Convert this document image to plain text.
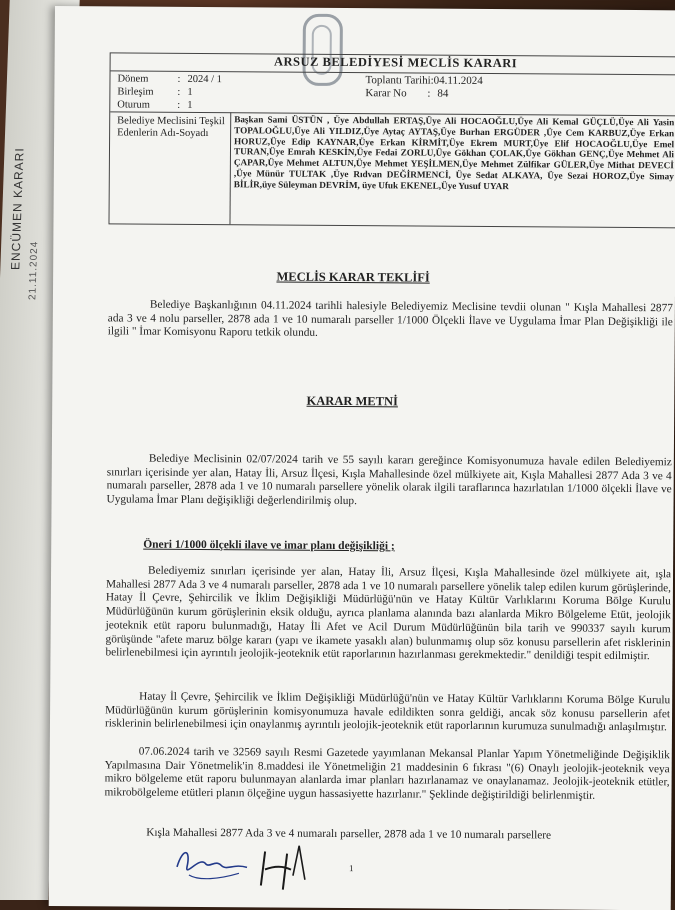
ENCÜMEN KARARI
21.11.2024
ARSUZ BELEDİYESİ MECLİS KARARI
Dönem	: 2024 / 1
Birleşim : 1
Oturum	: 1
Toplantı Tarihi:04.11.2024
Karar No : 84
Belediye Meclisini Teşkil Edenlerin Adı-Soyadı
Başkan Sami ÜSTÜN , Üye Abdullah ERTAŞ,Üye Ali HOCAOĞLU,Üye Ali Kemal GÜÇLÜ,Üye Ali Yasin TOPALOĞLU,Üye Ali YILDIZ,Üye Aytaç AYTAŞ,Üye Burhan ERGÜDER ,Üye Cem KARBUZ,Üye Erkan HORUZ,Üye Edip KAYNAR,Üye Erkan KİRMİT,Üye Ekrem MURT,Üye Elif HOCAOĞLU,Üye Emel TURAN,Üye Emrah KESKİN,Üye Fedai ZORLU,Üye Gökhan ÇOLAK,Üye Gökhan GENÇ,Üye Mehmet Ali ÇAPAR,Üye Mehmet ALTUN,Üye Mehmet YEŞİLMEN,Üye Mehmet Zülfikar GÜLER,Üye Mithat DEVECİ ,Üye Münür TULTAK ,Üye Rıdvan DEĞİRMENCİ, Üye Sedat ALKAYA, Üye Sezai HOROZ,Üye Simay BİLİR,üye Süleyman DEVRİM, üye Ufuk EKENEL,Üye Yusuf UYAR
MECLİS KARAR TEKLİFİ
Belediye Başkanlığının 04.11.2024 tarihli halesiyle Belediyemiz Meclisine tevdii olunan " Kışla Mahallesi 2877 ada 3 ve 4 nolu parseller, 2878 ada 1 ve 10 numaralı parseller 1/1000 Ölçekli İlave ve Uygulama İmar Plan Değişikliği ile ilgili " İmar Komisyonu Raporu tetkik olundu.
KARAR METNİ
Belediye Meclisinin 02/07/2024 tarih ve 55 sayılı kararı gereğince Komisyonumuza havale edilen Belediyemiz sınırları içerisinde yer alan, Hatay İli, Arsuz İlçesi, Kışla Mahallesinde özel mülkiyete ait, Kışla Mahallesi 2877 Ada 3 ve 4 numaralı parseller, 2878 ada 1 ve 10 numaralı parsellere yönelik olarak ilgili taraflarınca hazırlatılan 1/1000 ölçekli İlave ve Uygulama İmar Planı değişikliği değerlendirilmiş olup.
Öneri 1/1000 ölçekli ilave ve imar planı değişikliği ;
Belediyemiz sınırları içerisinde yer alan, Hatay İli, Arsuz İlçesi, Kışla Mahallesinde özel mülkiyete ait, ışla Mahallesi 2877 Ada 3 ve 4 numaralı parseller, 2878 ada 1 ve 10 numaralı parsellere yönelik talep edilen kurum görüşlerinde, Hatay İl Çevre, Şehircilik ve İklim Değişikliği Müdürlüğü'nün ve Hatay Kültür Varlıklarını Koruma Bölge Kurulu Müdürlüğünün kurum görüşlerinin eksik olduğu, ayrıca planlama alanında bazı alanlarda Mikro Bölgeleme Etüt, jeolojik jeoteknik etüt raporu bulunmadığı, Hatay İli Afet ve Acil Durum Müdürlüğünün bila tarih ve 990337 sayılı kurum görüşünde "afete maruz bölge kararı (yapı ve ikamete yasaklı alan) bulunmamış olup söz konusu parsellerin afet risklerinin belirlenebilmesi için ayrıntılı jeolojik-jeoteknik etüt raporlarının hazırlanması gerekmektedir." denildiği tespit edilmiştir.
Hatay İl Çevre, Şehircilik ve İklim Değişikliği Müdürlüğü'nün ve Hatay Kültür Varlıklarını Koruma Bölge Kurulu Müdürlüğünün kurum görüşlerinin komisyonumuza havale edildikten sonra geldiği, ancak söz konusu parsellerin afet risklerinin belirlenebilmesi için onaylanmış ayrıntılı jeolojik-jeoteknik etüt raporlarının kurumuza sunulmadığı anlaşılmıştır.
07.06.2024 tarih ve 32569 sayılı Resmi Gazetede yayımlanan Mekansal Planlar Yapım Yönetmeliğinde Değişiklik Yapılmasına Dair Yönetmelik'in 8.maddesi ile Yönetmeliğin 21 maddesinin 6 fıkrası "(6) Onaylı jeolojik-jeoteknik veya mikro bölgeleme etüt raporu bulunmayan alanlarda imar planları hazırlanamaz ve onaylanamaz. Jeolojik-jeoteknik etütler, mikrobölgeleme etütleri planın ölçeğine uygun hassasiyette hazırlanır." Şeklinde değiştirildiği belirlenmiştir.
Kışla Mahallesi 2877 Ada 3 ve 4 numaralı parseller, 2878 ada 1 ve 10 numaralı parsellere
1
